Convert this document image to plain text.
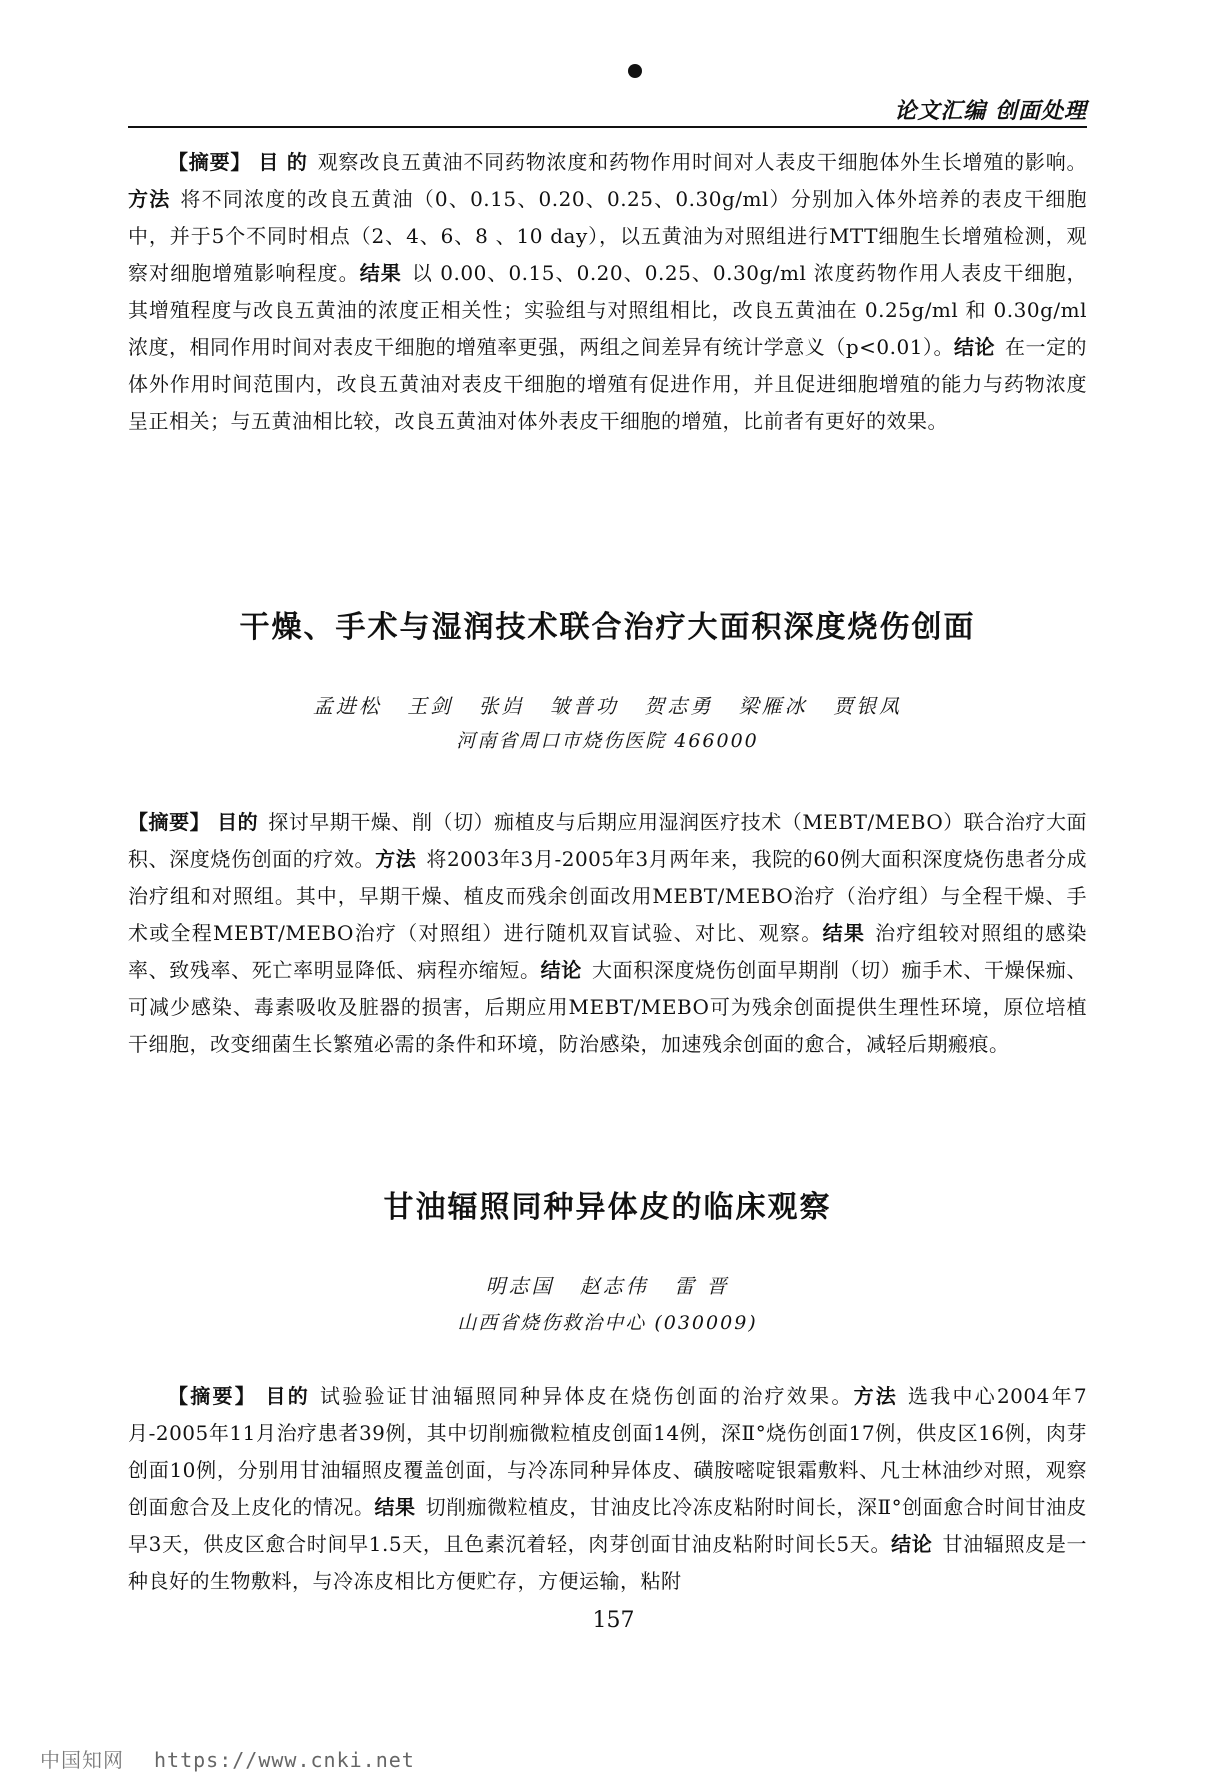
论文汇编 创面处理
【摘要】 目 的 观察改良五黄油不同药物浓度和药物作用时间对人表皮干细胞体外生长增殖的影响。方法 将不同浓度的改良五黄油（0、0.15、0.20、0.25、0.30g/ml）分别加入体外培养的表皮干细胞中，并于5个不同时相点（2、4、6、8 、10 day），以五黄油为对照组进行MTT细胞生长增殖检测，观察对细胞增殖影响程度。结果 以 0.00、0.15、0.20、0.25、0.30g/ml 浓度药物作用人表皮干细胞，其增殖程度与改良五黄油的浓度正相关性；实验组与对照组相比，改良五黄油在 0.25g/ml 和 0.30g/ml 浓度，相同作用时间对表皮干细胞的增殖率更强，两组之间差异有统计学意义（p<0.01）。结论 在一定的体外作用时间范围内，改良五黄油对表皮干细胞的增殖有促进作用，并且促进细胞增殖的能力与药物浓度呈正相关；与五黄油相比较，改良五黄油对体外表皮干细胞的增殖，比前者有更好的效果。
干燥、手术与湿润技术联合治疗大面积深度烧伤创面
孟进松 王剑 张岿 皱普功 贺志勇 梁雁冰 贾银凤
河南省周口市烧伤医院 466000
【摘要】 目的 探讨早期干燥、削（切）痂植皮与后期应用湿润医疗技术（MEBT/MEBO）联合治疗大面积、深度烧伤创面的疗效。方法 将2003年3月-2005年3月两年来，我院的60例大面积深度烧伤患者分成治疗组和对照组。其中，早期干燥、植皮而残余创面改用MEBT/MEBO治疗（治疗组）与全程干燥、手术或全程MEBT/MEBO治疗（对照组）进行随机双盲试验、对比、观察。结果 治疗组较对照组的感染率、致残率、死亡率明显降低、病程亦缩短。结论 大面积深度烧伤创面早期削（切）痂手术、干燥保痂、可减少感染、毒素吸收及脏器的损害，后期应用MEBT/MEBO可为残余创面提供生理性环境，原位培植干细胞，改变细菌生长繁殖必需的条件和环境，防治感染，加速残余创面的愈合，减轻后期瘢痕。
甘油辐照同种异体皮的临床观察
明志国 赵志伟 雷 晋
山西省烧伤救治中心 (030009)
【摘要】 目的 试验验证甘油辐照同种异体皮在烧伤创面的治疗效果。方法 选我中心2004年7月-2005年11月治疗患者39例，其中切削痂微粒植皮创面14例，深Ⅱ°烧伤创面17例，供皮区16例，肉芽创面10例，分别用甘油辐照皮覆盖创面，与冷冻同种异体皮、磺胺嘧啶银霜敷料、凡士林油纱对照，观察创面愈合及上皮化的情况。结果 切削痂微粒植皮，甘油皮比冷冻皮粘附时间长，深Ⅱ°创面愈合时间甘油皮早3天，供皮区愈合时间早1.5天，且色素沉着轻，肉芽创面甘油皮粘附时间长5天。结论 甘油辐照皮是一种良好的生物敷料，与冷冻皮相比方便贮存，方便运输，粘附
157
中国知网 https://www.cnki.net
